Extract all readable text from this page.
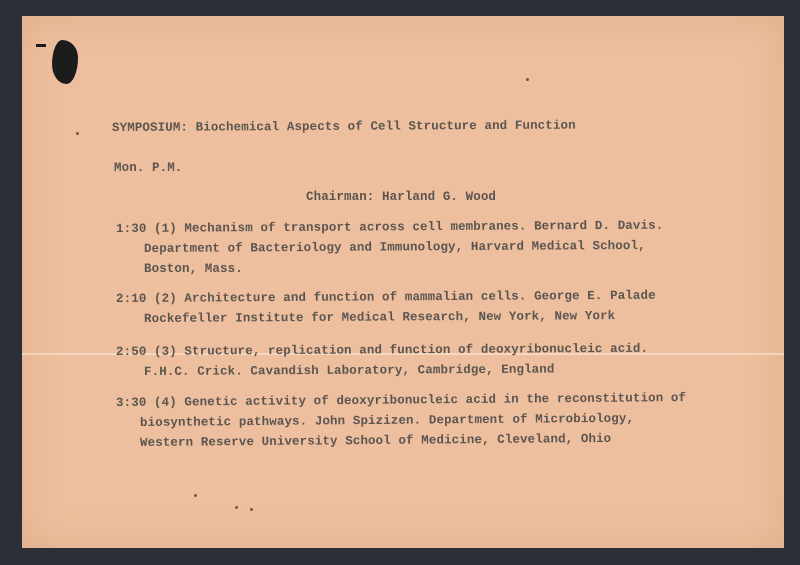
SYMPOSIUM: Biochemical Aspects of Cell Structure and Function
Mon. P.M.
Chairman: Harland G. Wood
1:30 (1) Mechanism of transport across cell membranes. Bernard D. Davis.
Department of Bacteriology and Immunology, Harvard Medical School,
Boston, Mass.
2:10 (2) Architecture and function of mammalian cells. George E. Palade
Rockefeller Institute for Medical Research, New York, New York
2:50 (3) Structure, replication and function of deoxyribonucleic acid.
F.H.C. Crick. Cavandish Laboratory, Cambridge, England
3:30 (4) Genetic activity of deoxyribonucleic acid in the reconstitution of
biosynthetic pathways. John Spizizen. Department of Microbiology,
Western Reserve University School of Medicine, Cleveland, Ohio
